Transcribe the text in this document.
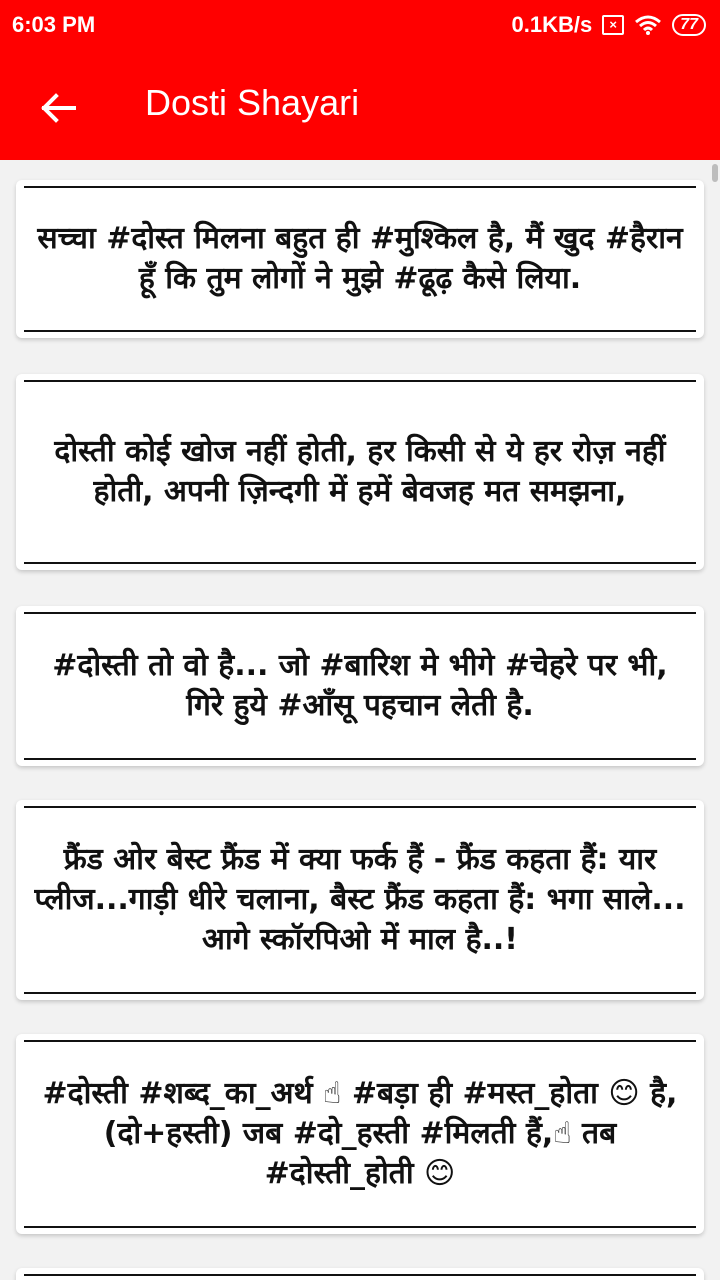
6:03 PM	0.1KB/s	×	77
Dosti Shayari
सच्चा #दोस्त मिलना बहुत ही #मुश्किल है, मैं खुद #हैरान हूँ कि तुम लोगों ने मुझे #ढूढ़ कैसे लिया.
दोस्ती कोई खोज नहीं होती, हर किसी से ये हर रोज़ नहीं होती, अपनी ज़िन्दगी में हमें बेवजह मत समझना,
#दोस्ती तो वो है... जो #बारिश मे भीगे #चेहरे पर भी, गिरे हुये #आँसू पहचान लेती है.
फ्रैंड ओर बेस्ट फ्रैंड में क्या फर्क हैं - फ्रैंड कहता हैं: यार प्लीज...गाड़ी धीरे चलाना, बैस्ट फ्रैंड कहता हैं: भगा साले... आगे स्कॉरपिओ में माल है..!
#दोस्ती #शब्द_का_अर्थ ☝ #बड़ा ही #मस्त_होता 😊 है, (दो+हस्ती) जब #दो_हस्ती #मिलती हैं,☝ तब #दोस्ती_होती 😊
